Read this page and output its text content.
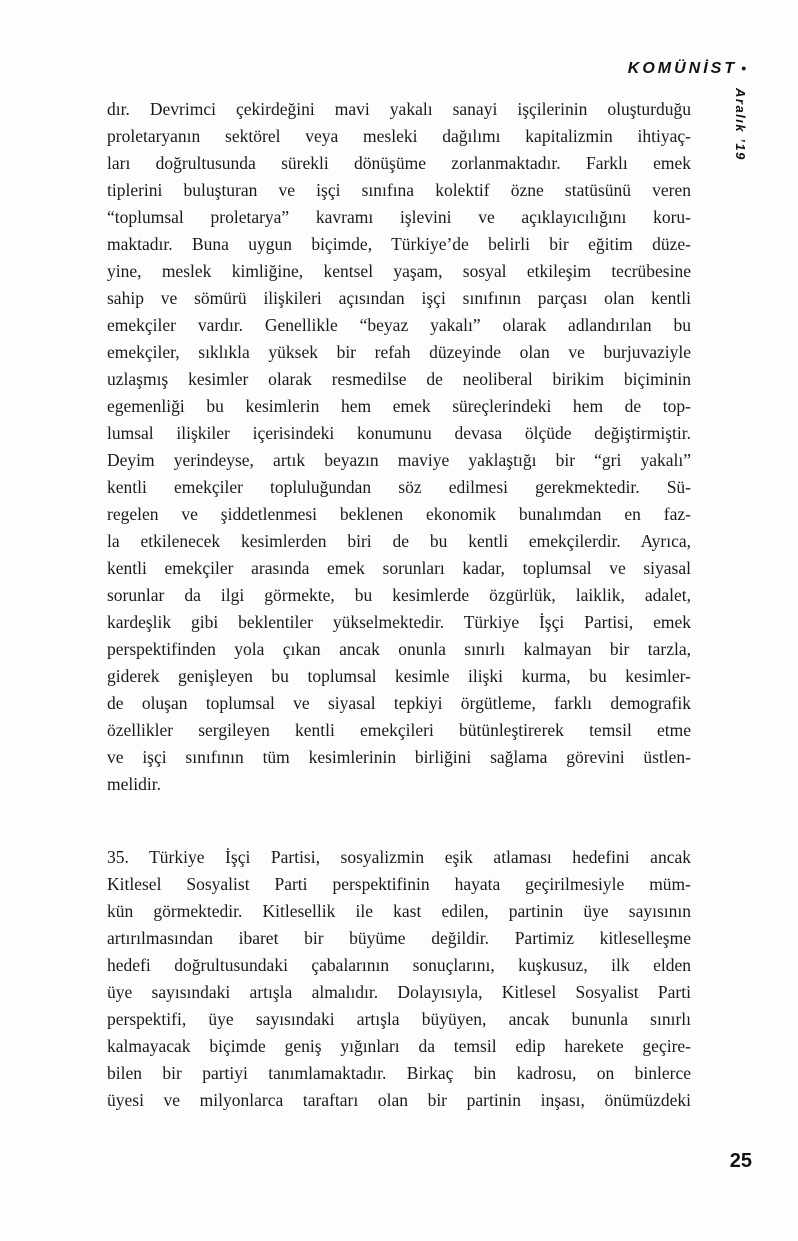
KOMÜNİST •
Aralık ’19
dır. Devrimci çekirdeğini mavi yakalı sanayi işçilerinin oluşturduğu
proletaryanın sektörel veya mesleki dağılımı kapitalizmin ihtiyaç-
ları doğrultusunda sürekli dönüşüme zorlanmaktadır. Farklı emek
tiplerini buluşturan ve işçi sınıfına kolektif özne statüsünü veren
“toplumsal proletarya” kavramı işlevini ve açıklayıcılığını koru-
maktadır. Buna uygun biçimde, Türkiye’de belirli bir eğitim düze-
yine, meslek kimliğine, kentsel yaşam, sosyal etkileşim tecrübesine
sahip ve sömürü ilişkileri açısından işçi sınıfının parçası olan kentli
emekçiler vardır. Genellikle “beyaz yakalı” olarak adlandırılan bu
emekçiler, sıklıkla yüksek bir refah düzeyinde olan ve burjuvaziyle
uzlaşmış kesimler olarak resmedilse de neoliberal birikim biçiminin
egemenliği bu kesimlerin hem emek süreçlerindeki hem de top-
lumsal ilişkiler içerisindeki konumunu devasa ölçüde değiştirmiştir.
Deyim yerindeyse, artık beyazın maviye yaklaştığı bir “gri yakalı”
kentli emekçiler topluluğundan söz edilmesi gerekmektedir. Sü-
regelen ve şiddetlenmesi beklenen ekonomik bunalımdan en faz-
la etkilenecek kesimlerden biri de bu kentli emekçilerdir. Ayrıca,
kentli emekçiler arasında emek sorunları kadar, toplumsal ve siyasal
sorunlar da ilgi görmekte, bu kesimlerde özgürlük, laiklik, adalet,
kardeşlik gibi beklentiler yükselmektedir. Türkiye İşçi Partisi, emek
perspektifinden yola çıkan ancak onunla sınırlı kalmayan bir tarzla,
giderek genişleyen bu toplumsal kesimle ilişki kurma, bu kesimler-
de oluşan toplumsal ve siyasal tepkiyi örgütleme, farklı demografik
özellikler sergileyen kentli emekçileri bütünleştirerek temsil etme
ve işçi sınıfının tüm kesimlerinin birliğini sağlama görevini üstlen-
melidir.
35. Türkiye İşçi Partisi, sosyalizmin eşik atlaması hedefini ancak
Kitlesel Sosyalist Parti perspektifinin hayata geçirilmesiyle müm-
kün görmektedir. Kitlesellik ile kast edilen, partinin üye sayısının
artırılmasından ibaret bir büyüme değildir. Partimiz kitleselleşme
hedefi doğrultusundaki çabalarının sonuçlarını, kuşkusuz, ilk elden
üye sayısındaki artışla almalıdır. Dolayısıyla, Kitlesel Sosyalist Parti
perspektifi, üye sayısındaki artışla büyüyen, ancak bununla sınırlı
kalmayacak biçimde geniş yığınları da temsil edip harekete geçire-
bilen bir partiyi tanımlamaktadır. Birkaç bin kadrosu, on binlerce
üyesi ve milyonlarca taraftarı olan bir partinin inşası, önümüzdeki
25
